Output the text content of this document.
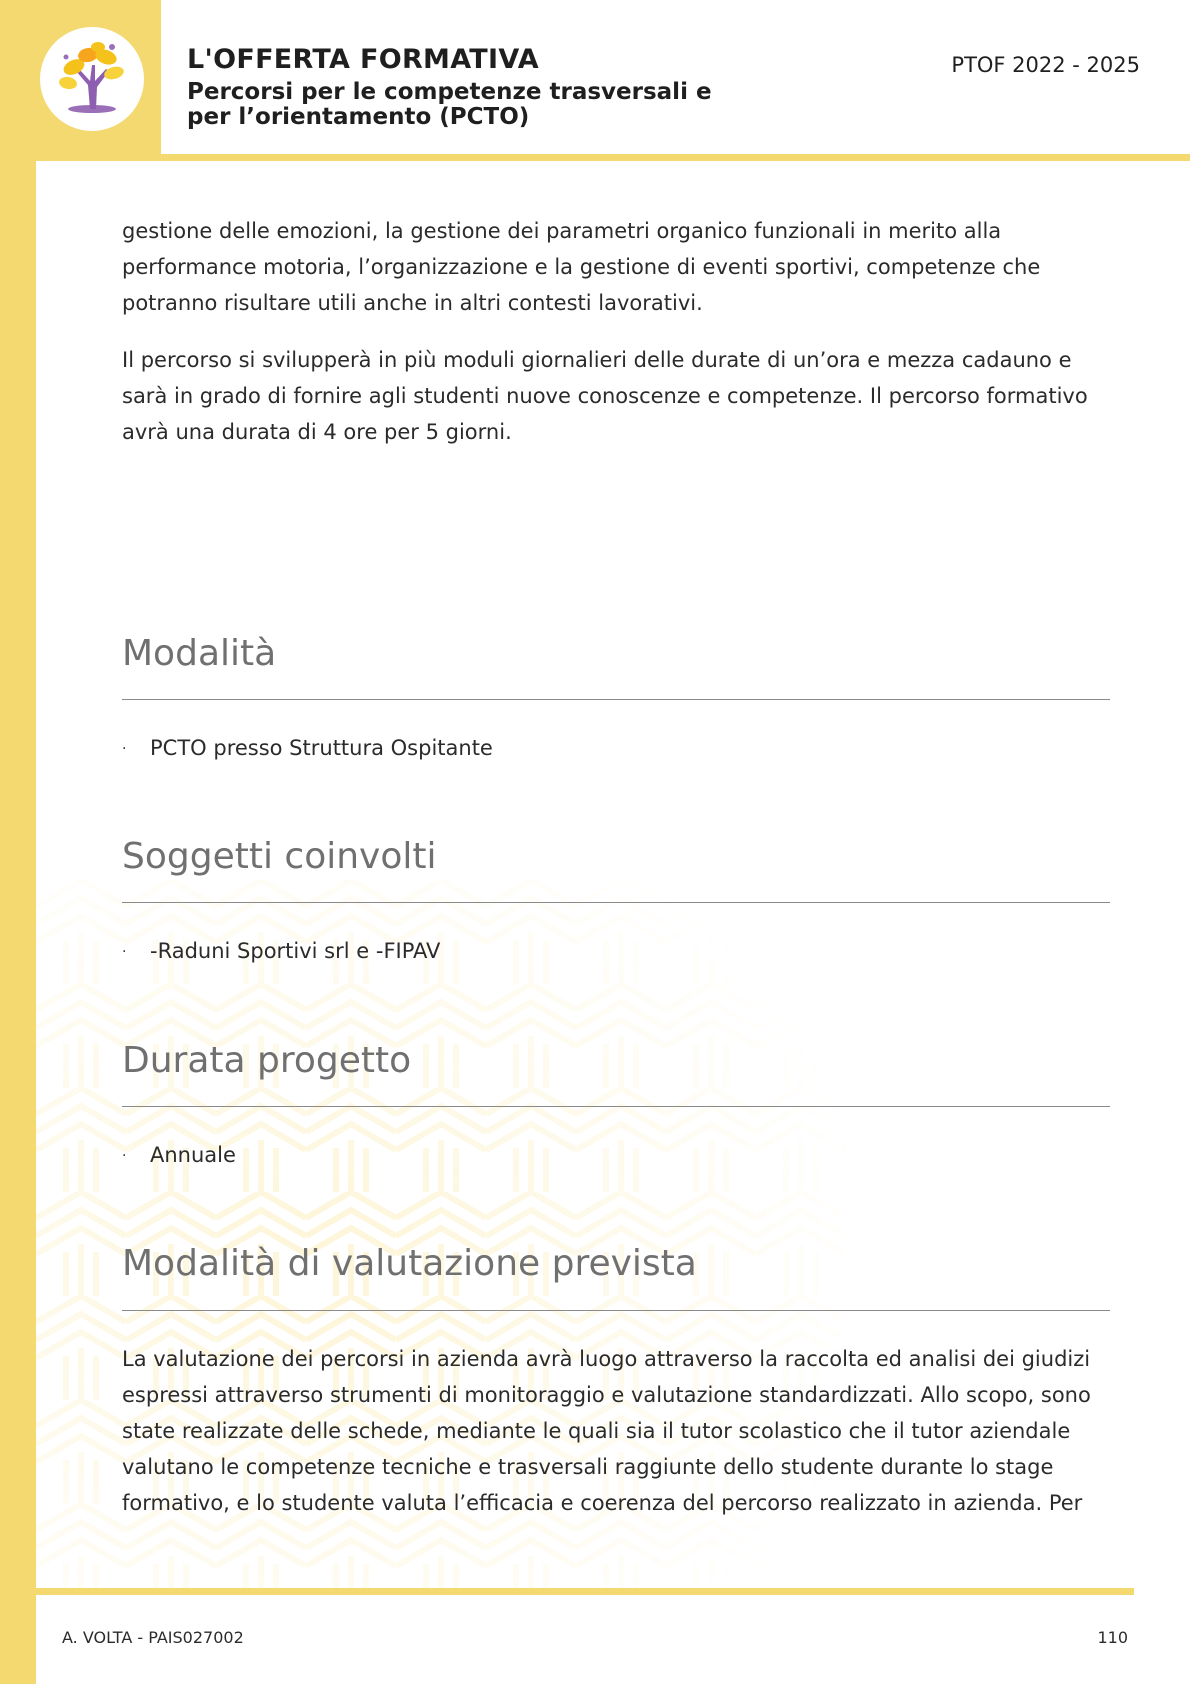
L'OFFERTA FORMATIVA
Percorsi per le competenze trasversali e per l’orientamento (PCTO)
PTOF 2022 - 2025

gestione delle emozioni, la gestione dei parametri organico funzionali in merito alla performance motoria, l’organizzazione e la gestione di eventi sportivi, competenze che potranno risultare utili anche in altri contesti lavorativi.

Il percorso si svilupperà in più moduli giornalieri delle durate di un’ora e mezza cadauno e sarà in grado di fornire agli studenti nuove conoscenze e competenze. Il percorso formativo avrà una durata di 4 ore per 5 giorni.

Modalità
· PCTO presso Struttura Ospitante
Soggetti coinvolti
· -Raduni Sportivi srl e -FIPAV
Durata progetto
· Annuale
Modalità di valutazione prevista

La valutazione dei percorsi in azienda avrà luogo attraverso la raccolta ed analisi dei giudizi espressi attraverso strumenti di monitoraggio e valutazione standardizzati. Allo scopo, sono state realizzate delle schede, mediante le quali sia il tutor scolastico che il tutor aziendale valutano le competenze tecniche e trasversali raggiunte dello studente durante lo stage formativo, e lo studente valuta l’efficacia e coerenza del percorso realizzato in azienda. Per

A. VOLTA - PAIS027002	110
